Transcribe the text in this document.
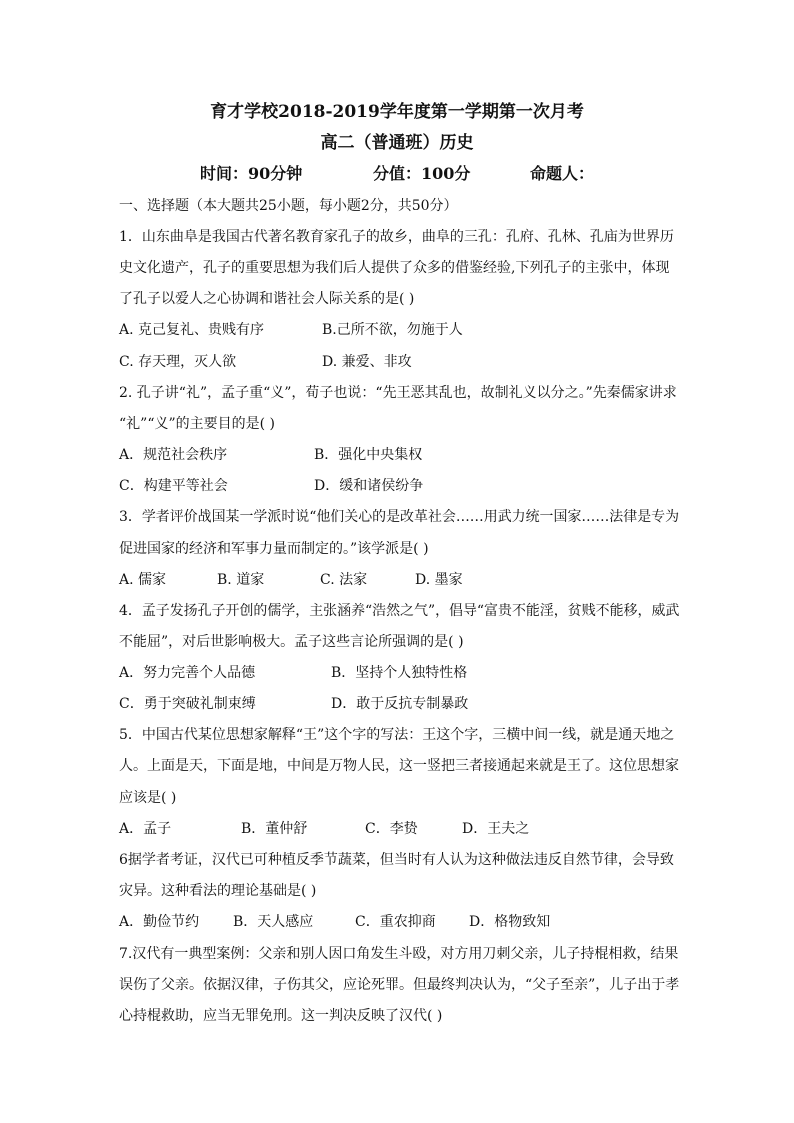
育才学校2018-2019学年度第一学期第一次月考
高二（普通班）历史
时间：90分钟	分值：100分	命题人：
一、选择题（本大题共25小题，每小题2分，共50分）
1．山东曲阜是我国古代著名教育家孔子的故乡，曲阜的三孔：孔府、孔林、孔庙为世界历
史文化遗产，孔子的重要思想为我们后人提供了众多的借鉴经验,下列孔子的主张中，体现
了孔子以爱人之心协调和谐社会人际关系的是( )
A. 克己复礼、贵贱有序	B.己所不欲，勿施于人
C. 存天理，灭人欲	D. 兼爱、非攻
2. 孔子讲“礼”，孟子重“义”，荀子也说：“先王恶其乱也，故制礼义以分之。”先秦儒家讲求
“礼”“义”的主要目的是( )
A．规范社会秩序	B．强化中央集权
C．构建平等社会	D．缓和诸侯纷争
3．学者评价战国某一学派时说“他们关心的是改革社会……用武力统一国家……法律是专为
促进国家的经济和军事力量而制定的。”该学派是( )
A. 儒家	B. 道家	C. 法家	D. 墨家
4．孟子发扬孔子开创的儒学，主张涵养“浩然之气”，倡导“富贵不能淫，贫贱不能移，威武
不能屈”，对后世影响极大。孟子这些言论所强调的是( )
A．努力完善个人品德	B．坚持个人独特性格
C．勇于突破礼制束缚	D．敢于反抗专制暴政
5．中国古代某位思想家解释“王”这个字的写法：王这个字，三横中间一线，就是通天地之
人。上面是天，下面是地，中间是万物人民，这一竖把三者接通起来就是王了。这位思想家
应该是( )
A．孟子	B．董仲舒	C．李贽	D．王夫之
6据学者考证，汉代已可种植反季节蔬菜，但当时有人认为这种做法违反自然节律，会导致
灾异。这种看法的理论基础是( )
A．勤俭节约 B．天人感应	C．重农抑商 D．格物致知
7.汉代有一典型案例：父亲和别人因口角发生斗殴，对方用刀刺父亲，儿子持棍相救，结果
误伤了父亲。依据汉律，子伤其父，应论死罪。但最终判决认为，“父子至亲”，儿子出于孝
心持棍救助，应当无罪免刑。这一判决反映了汉代( )
